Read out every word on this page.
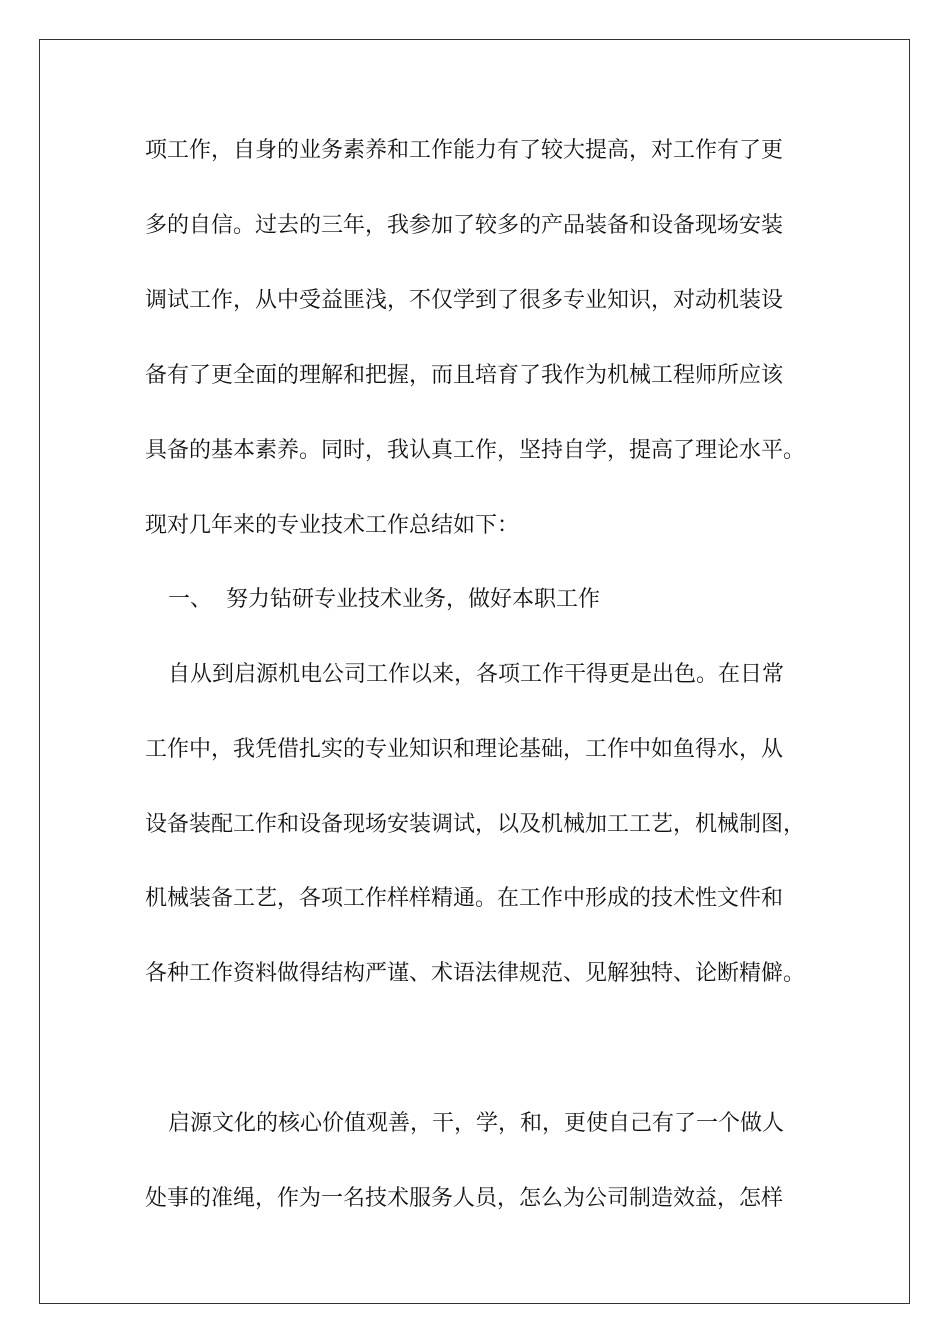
项工作，自身的业务素养和工作能力有了较大提高，对工作有了更
多的自信。过去的三年，我参加了较多的产品装备和设备现场安装
调试工作，从中受益匪浅，不仅学到了很多专业知识，对动机装设
备有了更全面的理解和把握，而且培育了我作为机械工程师所应该
具备的基本素养。同时，我认真工作，坚持自学，提高了理论水平。
现对几年来的专业技术工作总结如下：
一、  努力钻研专业技术业务，做好本职工作
自从到启源机电公司工作以来，各项工作干得更是出色。在日常
工作中，我凭借扎实的专业知识和理论基础，工作中如鱼得水，从
设备装配工作和设备现场安装调试，以及机械加工工艺，机械制图，
机械装备工艺，各项工作样样精通。在工作中形成的技术性文件和
各种工作资料做得结构严谨、术语法律规范、见解独特、论断精僻。
启源文化的核心价值观善，干，学，和，更使自己有了一个做人
处事的准绳，作为一名技术服务人员，怎么为公司制造效益，怎样
